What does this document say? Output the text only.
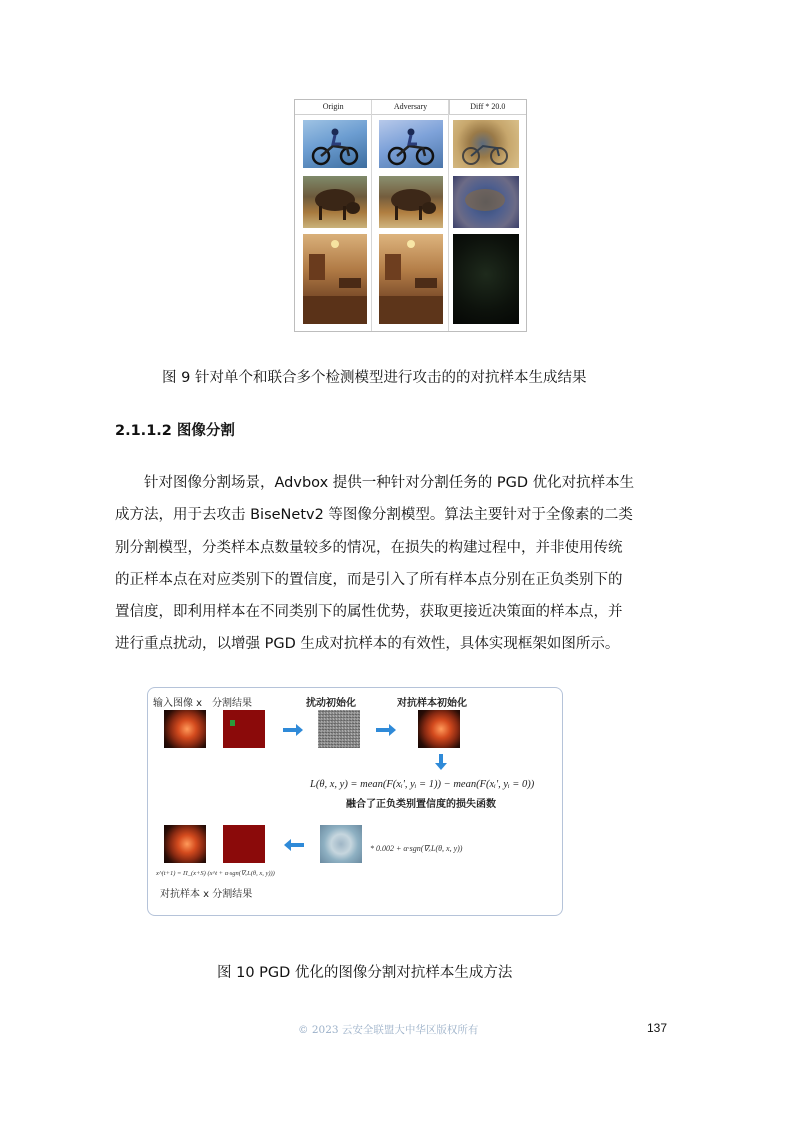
Origin	Adversary	Diff * 20.0
图 9 针对单个和联合多个检测模型进行攻击的的对抗样本生成结果
2.1.1.2 图像分割

针对图像分割场景，Advbox 提供一种针对分割任务的 PGD 优化对抗样本生

成方法，用于去攻击 BiseNetv2 等图像分割模型。算法主要针对于全像素的二类

别分割模型，分类样本点数量较多的情况，在损失的构建过程中，并非使用传统

的正样本点在对应类别下的置信度，而是引入了所有样本点分别在正负类别下的

置信度，即利用样本在不同类别下的属性优势，获取更接近决策面的样本点，并

进行重点扰动，以增强 PGD 生成对抗样本的有效性，具体实现框架如图所示。

输入图像 x 分割结果	扰动初始化	对抗样本初始化
L(θ, x, y) = mean(F(xᵢ', yᵢ = 1)) − mean(F(xᵢ', yᵢ = 0))
融合了正负类别置信度的损失函数
* 0.002 + α·sgn(∇ₓL(θ, x, y))
x^(t+1) = Π_(x+S) (x^t + α·sgn(∇ₓL(θ, x, y)))
对抗样本 x 分割结果
图 10 PGD 优化的图像分割对抗样本生成方法
© 2023 云安全联盟大中华区版权所有	137
